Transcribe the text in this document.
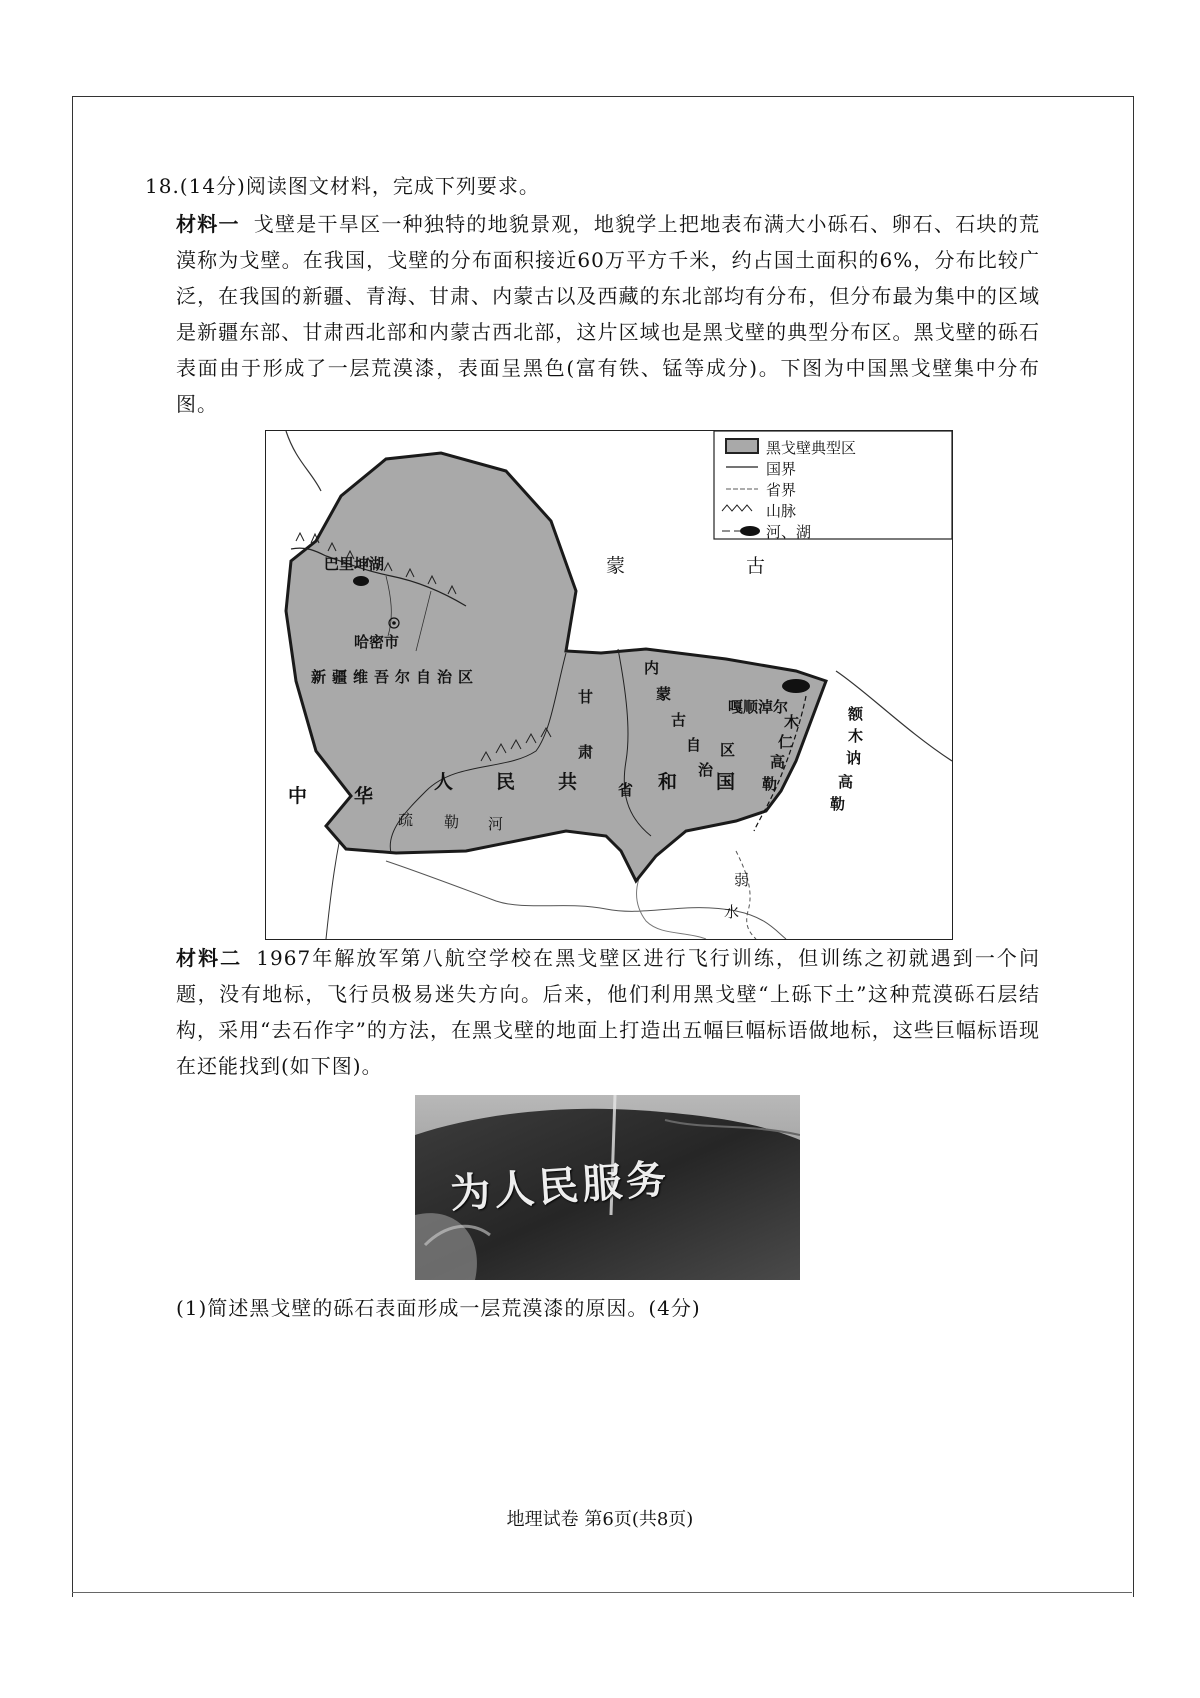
18.(14分)阅读图文材料，完成下列要求。
材料一 戈壁是干旱区一种独特的地貌景观，地貌学上把地表布满大小砾石、卵石、石块的荒漠称为戈壁。在我国，戈壁的分布面积接近60万平方千米，约占国土面积的6%，分布比较广泛，在我国的新疆、青海、甘肃、内蒙古以及西藏的东北部均有分布，但分布最为集中的区域是新疆东部、甘肃西北部和内蒙古西北部，这片区域也是黑戈壁的典型分布区。黑戈壁的砾石表面由于形成了一层荒漠漆，表面呈黑色(富有铁、锰等成分)。下图为中国黑戈壁集中分布图。
黑戈壁典型区
国界
省界
山脉
河、湖
蒙	古
巴里坤湖
哈密市
新疆维吾尔自治区
甘
肃
省
内
蒙
古
自
治
区
嘎顺淖尔	额
木
讷
高
勒
木
仁
高
勒
中 华
人 民 共	和 国
疏 勒 河
弱
水
材料二 1967年解放军第八航空学校在黑戈壁区进行飞行训练，但训练之初就遇到一个问题，没有地标，飞行员极易迷失方向。后来，他们利用黑戈壁“上砾下土”这种荒漠砾石层结构，采用“去石作字”的方法，在黑戈壁的地面上打造出五幅巨幅标语做地标，这些巨幅标语现在还能找到(如下图)。
为人民服务
(1)简述黑戈壁的砾石表面形成一层荒漠漆的原因。(4分)
地理试卷 第6页(共8页)
